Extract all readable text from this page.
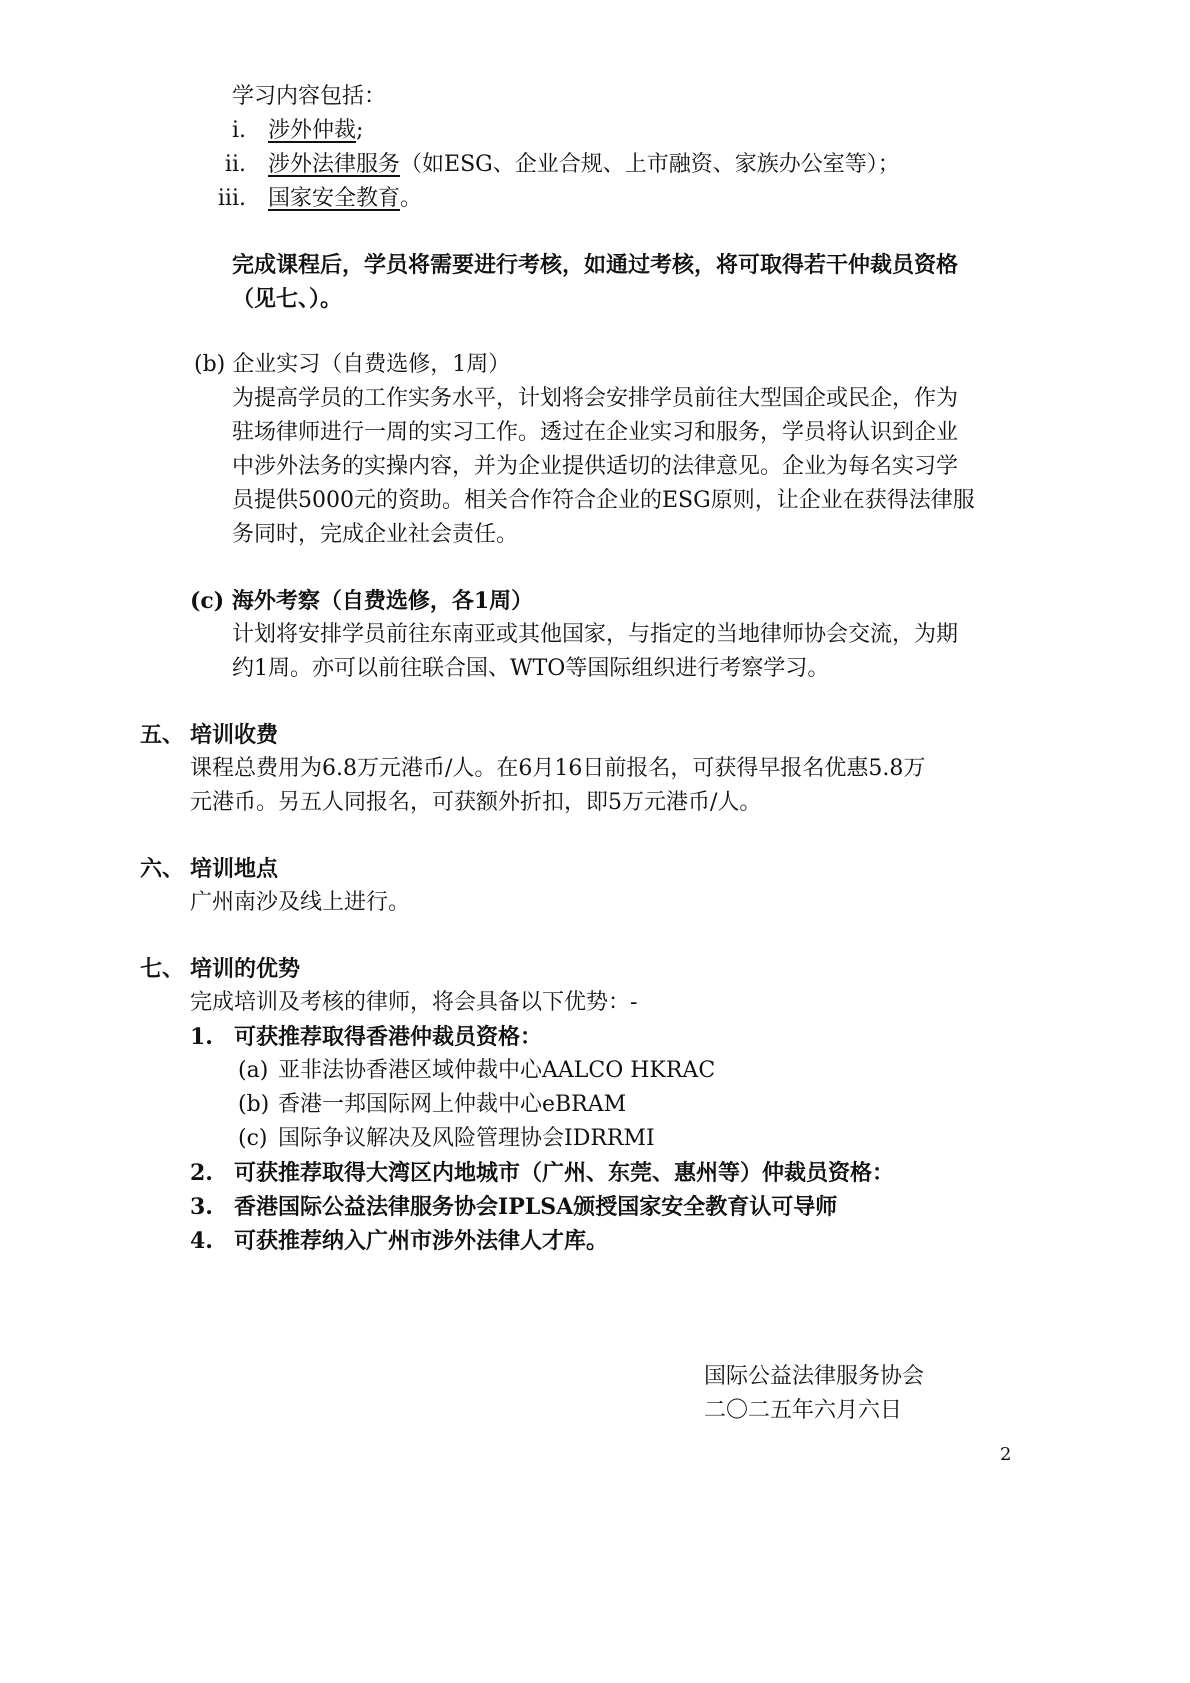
学习内容包括：
i. 涉外仲裁;
ii. 涉外法律服务（如ESG、企业合规、上市融资、家族办公室等）；
iii. 国家安全教育。
完成课程后，学员将需要进行考核，如通过考核，将可取得若干仲裁员资格
（见七、）。
(b) 企业实习（自费选修，1周）
为提高学员的工作实务水平，计划将会安排学员前往大型国企或民企，作为
驻场律师进行一周的实习工作。透过在企业实习和服务，学员将认识到企业
中涉外法务的实操内容，并为企业提供适切的法律意见。企业为每名实习学
员提供5000元的资助。相关合作符合企业的ESG原则，让企业在获得法律服
务同时，完成企业社会责任。
(c) 海外考察（自费选修，各1周）
计划将安排学员前往东南亚或其他国家，与指定的当地律师协会交流，为期
约1周。亦可以前往联合国、WTO等国际组织进行考察学习。
五、 培训收费
课程总费用为6.8万元港币/人。在6月16日前报名，可获得早报名优惠5.8万
元港币。另五人同报名，可获额外折扣，即5万元港币/人。
六、 培训地点
广州南沙及线上进行。
七、 培训的优势
完成培训及考核的律师，将会具备以下优势：-
1. 可获推荐取得香港仲裁员资格：
(a) 亚非法协香港区域仲裁中心AALCO HKRAC
(b) 香港一邦国际网上仲裁中心eBRAM
(c) 国际争议解决及风险管理协会IDRRMI
2. 可获推荐取得大湾区内地城市（广州、东莞、惠州等）仲裁员资格：
3. 香港国际公益法律服务协会IPLSA颁授国家安全教育认可导师
4. 可获推荐纳入广州市涉外法律人才库。
国际公益法律服务协会
二〇二五年六月六日
2
